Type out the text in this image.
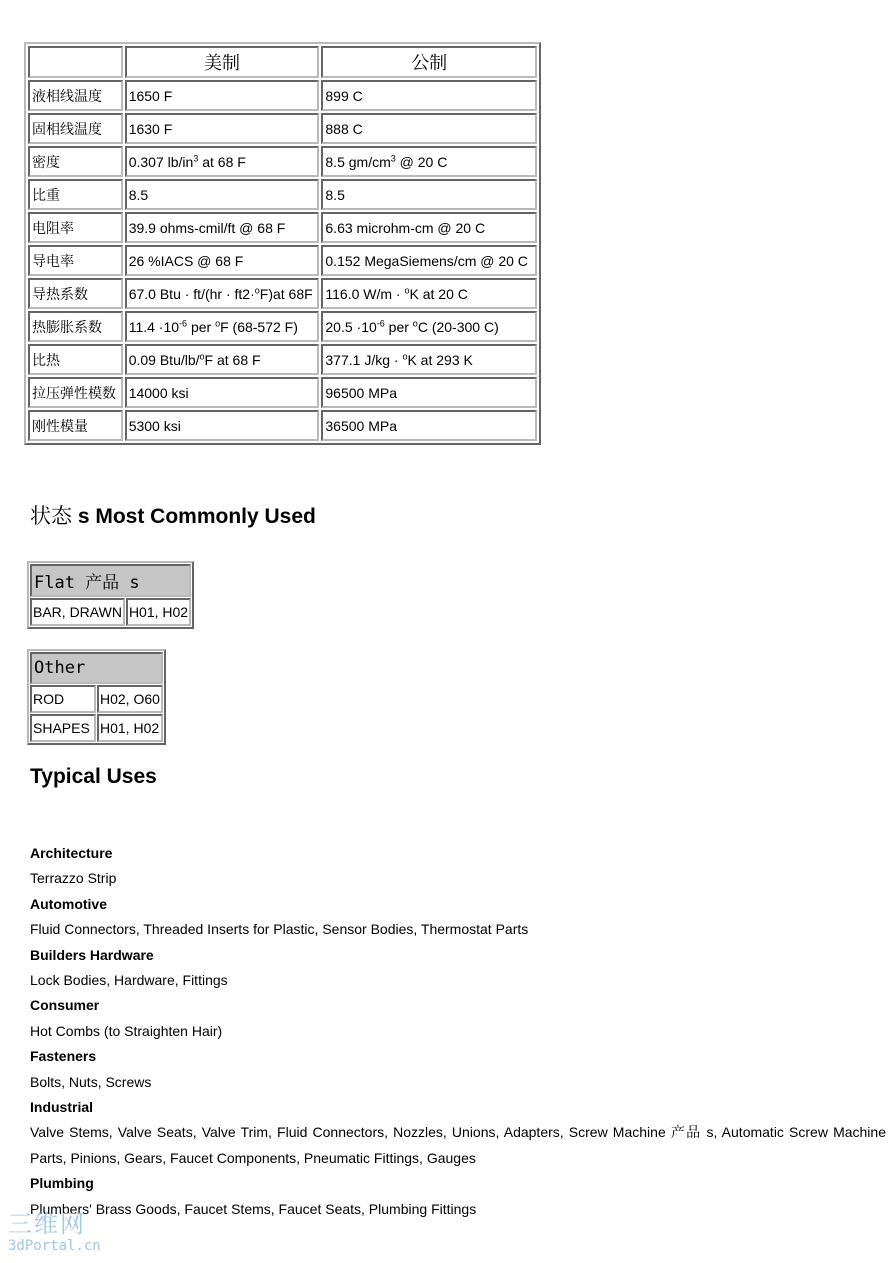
	美制	公制
液相线温度	1650 F	899 C
固相线温度	1630 F	888 C
密度	0.307 $lb/in^3$ at 68 F	8.5 $gm/cm^3$ @ 20 C
比重	8.5	8.5
电阻率	39.9 ohms-cmil/ft @ 68 F	6.63 microhm-cm @ 20 C
导电率	26 %IACS @ 68 F	0.152 MegaSiemens/cm @ 20 C
导热系数	67.0 Btu · ft/(hr · ft2·$^o$F)at 68F	116.0 W/m · $^o$K at 20 C
热膨胀系数	$11.4 \cdot 10^{-6}$ per $^o$F (68-572 F)	$20.5 \cdot 10^{-6}$ per $^o$C (20-300 C)
比热	0.09 Btu/lb/$^o$F at 68 F	377.1 J/kg · $^o$K at 293 K
拉压弹性模数	14000 ksi	96500 MPa
刚性模量	5300 ksi	36500 MPa
状态 s Most Commonly Used
Flat 产品 s
BAR, DRAWN	H01, H02
Other	
ROD	H02, O60
SHAPES	H01, H02
Typical Uses
Architecture
Terrazzo Strip
Automotive
Fluid Connectors, Threaded Inserts for Plastic, Sensor Bodies, Thermostat Parts
Builders Hardware
Lock Bodies, Hardware, Fittings
Consumer
Hot Combs (to Straighten Hair)
Fasteners
Bolts, Nuts, Screws
Industrial
Valve Stems, Valve Seats, Valve Trim, Fluid Connectors, Nozzles, Unions, Adapters, Screw Machine 产品 s, Automatic Screw Machine Parts, Pinions, Gears, Faucet Components, Pneumatic Fittings, Gauges
Plumbing
Plumbers' Brass Goods, Faucet Stems, Faucet Seats, Plumbing Fittings
三维网
3dPortal.cn
